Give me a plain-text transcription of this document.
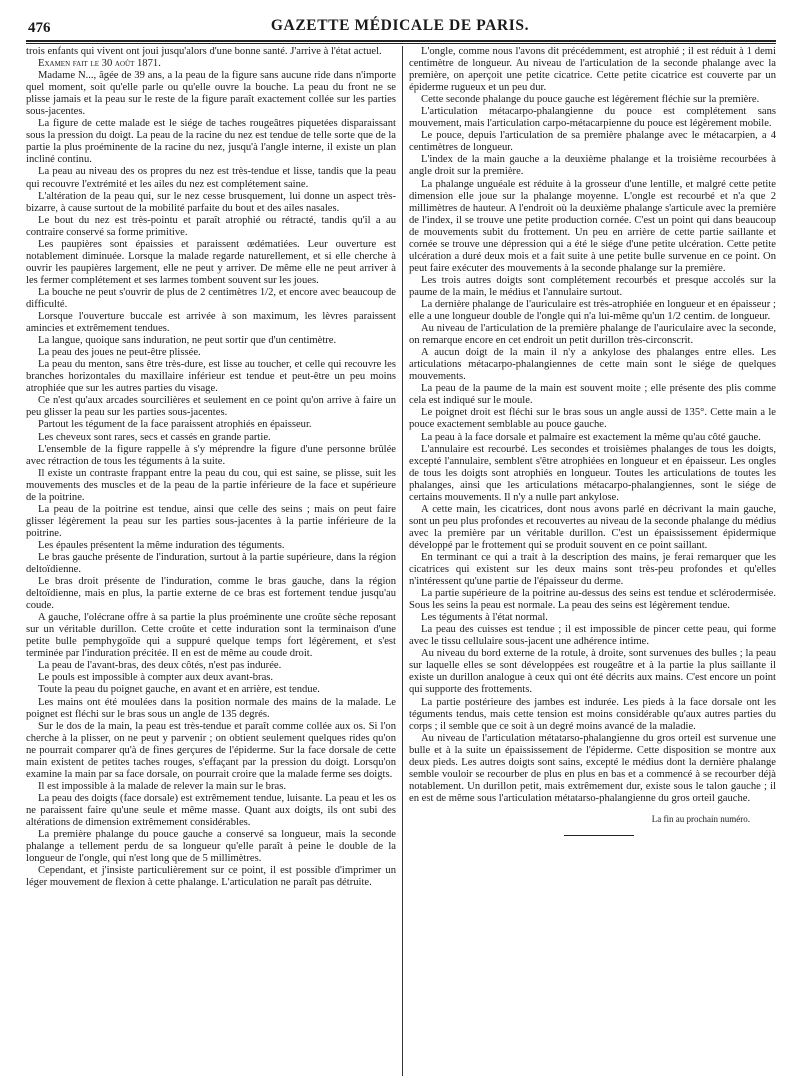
476	GAZETTE MÉDICALE DE PARIS.

trois enfants qui vivent ont joui jusqu'alors d'une bonne santé. J'arrive à l'état actuel.

Examen fait le 30 août 1871.

Madame N..., âgée de 39 ans, a la peau de la figure sans aucune ride dans n'importe quel moment, soit qu'elle parle ou qu'elle ouvre la bouche. La peau du front ne se plisse jamais et la peau sur le reste de la figure paraît exactement collée sur les parties sous-jacentes.

La figure de cette malade est le siége de taches rougeâtres piquetées disparaissant sous la pression du doigt. La peau de la racine du nez est tendue de telle sorte que de la partie la plus proéminente de la racine du nez, jusqu'à l'angle interne, il existe un plan incliné continu.

La peau au niveau des os propres du nez est très-tendue et lisse, tandis que la peau qui recouvre l'extrémité et les ailes du nez est complétement saine.

L'altération de la peau qui, sur le nez cesse brusquement, lui donne un aspect très-bizarre, à cause surtout de la mobilité parfaite du bout et des ailes nasales.

Le bout du nez est très-pointu et paraît atrophié ou rétracté, tandis qu'il a au contraire conservé sa forme primitive.

Les paupières sont épaissies et paraissent œdématiées. Leur ouverture est notablement diminuée. Lorsque la malade regarde naturellement, et si elle cherche à ouvrir les paupières largement, elle ne peut y arriver. De même elle ne peut arriver à les fermer complétement et ses larmes tombent souvent sur les joues.

La bouche ne peut s'ouvrir de plus de 2 centimètres 1/2, et encore avec beaucoup de difficulté.

Lorsque l'ouverture buccale est arrivée à son maximum, les lèvres paraissent amincies et extrêmement tendues.

La langue, quoique sans induration, ne peut sortir que d'un centimètre.

La peau des joues ne peut-être plissée.

La peau du menton, sans être très-dure, est lisse au toucher, et celle qui recouvre les branches horizontales du maxillaire inférieur est tendue et peut-être un peu moins atrophiée que sur les autres parties du visage.

Ce n'est qu'aux arcades sourcilières et seulement en ce point qu'on arrive à faire un peu glisser la peau sur les parties sous-jacentes.

Partout les tégument de la face paraissent atrophiés en épaisseur.

Les cheveux sont rares, secs et cassés en grande partie.

L'ensemble de la figure rappelle à s'y méprendre la figure d'une personne brûlée avec rétraction de tous les téguments à la suite.

Il existe un contraste frappant entre la peau du cou, qui est saine, se plisse, suit les mouvements des muscles et de la peau de la partie inférieure de la face et supérieure de la poitrine.

La peau de la poitrine est tendue, ainsi que celle des seins ; mais on peut faire glisser légèrement la peau sur les parties sous-jacentes à la partie inférieure de la poitrine.

Les épaules présentent la même induration des téguments.

Le bras gauche présente de l'induration, surtout à la partie supérieure, dans la région deltoïdienne.

Le bras droit présente de l'induration, comme le bras gauche, dans la région deltoïdienne, mais en plus, la partie externe de ce bras est fortement tendue jusqu'au coude.

A gauche, l'olécrane offre à sa partie la plus proéminente une croûte sèche reposant sur un véritable durillon. Cette croûte et cette induration sont la terminaison d'une petite bulle pemphygoïde qui a suppuré quelque temps fort légèrement, et s'est terminée par l'induration précitée. Il en est de même au coude droit.

La peau de l'avant-bras, des deux côtés, n'est pas indurée.

Le pouls est impossible à compter aux deux avant-bras.

Toute la peau du poignet gauche, en avant et en arrière, est tendue.

Les mains ont été moulées dans la position normale des mains de la malade. Le poignet est fléchi sur le bras sous un angle de 135 degrés.

Sur le dos de la main, la peau est très-tendue et paraît comme collée aux os. Si l'on cherche à la plisser, on ne peut y parvenir ; on obtient seulement quelques rides qu'on ne pourrait comparer qu'à de fines gerçures de l'épiderme. Sur la face dorsale de cette main existent de petites taches rouges, s'effaçant par la pression du doigt. Lorsqu'on examine la main par sa face dorsale, on pourrait croire que la malade ferme ses doigts.

Il est impossible à la malade de relever la main sur le bras.

La peau des doigts (face dorsale) est extrêmement tendue, luisante. La peau et les os ne paraissent faire qu'une seule et même masse. Quant aux doigts, ils ont subi des altérations de dimension extrêmement considérables.

La première phalange du pouce gauche a conservé sa longueur, mais la seconde phalange a tellement perdu de sa longueur qu'elle paraît à peine le double de la longueur de l'ongle, qui n'est long que de 5 millimètres.

Cependant, et j'insiste particulièrement sur ce point, il est possible d'imprimer un léger mouvement de flexion à cette phalange. L'articulation ne paraît pas détruite.

L'ongle, comme nous l'avons dit précédemment, est atrophié ; il est réduit à 1 demi centimètre de longueur. Au niveau de l'articulation de la seconde phalange avec la première, on aperçoit une petite cicatrice. Cette petite cicatrice est couverte par un épiderme rugueux et un peu dur.

Cette seconde phalange du pouce gauche est légèrement fléchie sur la première.

L'articulation métacarpo-phalangienne du pouce est complétement sans mouvement, mais l'articulation carpo-métacarpienne du pouce est légèrement mobile.

Le pouce, depuis l'articulation de sa première phalange avec le métacarpien, a 4 centimètres de longueur.

L'index de la main gauche a la deuxième phalange et la troisième recourbées à angle droit sur la première.

La phalange unguéale est réduite à la grosseur d'une lentille, et malgré cette petite dimension elle joue sur la phalange moyenne. L'ongle est recourbé et n'a que 2 millimètres de hauteur. A l'endroit où la deuxième phalange s'articule avec la première de l'index, il se trouve une petite production cornée. C'est un point qui dans beaucoup de mouvements subit du frottement. Un peu en arrière de cette partie saillante et cornée se trouve une dépression qui a été le siége d'une petite ulcération. Cette petite ulcération a duré deux mois et a fait suite à une petite bulle survenue en ce point. On peut faire exécuter des mouvements à la seconde phalange sur la première.

Les trois autres doigts sont complétement recourbés et presque accolés sur la paume de la main, le médius et l'annulaire surtout.

La dernière phalange de l'auriculaire est très-atrophiée en longueur et en épaisseur ; elle a une longueur double de l'ongle qui n'a lui-même qu'un 1/2 centim. de longueur.

Au niveau de l'articulation de la première phalange de l'auriculaire avec la seconde, on remarque encore en cet endroit un petit durillon très-circonscrit.

A aucun doigt de la main il n'y a ankylose des phalanges entre elles. Les articulations métacarpo-phalangiennes de cette main sont le siége de quelques mouvements.

La peau de la paume de la main est souvent moite ; elle présente des plis comme cela est indiqué sur le moule.

Le poignet droit est fléchi sur le bras sous un angle aussi de 135°. Cette main a le pouce exactement semblable au pouce gauche.

La peau à la face dorsale et palmaire est exactement la même qu'au côté gauche.

L'annulaire est recourbé. Les secondes et troisièmes phalanges de tous les doigts, excepté l'annulaire, semblent s'être atrophiées en longueur et en épaisseur. Les ongles de tous les doigts sont atrophiés en longueur. Toutes les articulations de toutes les phalanges, ainsi que les articulations métacarpo-phalangiennes, sont le siége de certains mouvements. Il n'y a nulle part ankylose.

A cette main, les cicatrices, dont nous avons parlé en décrivant la main gauche, sont un peu plus profondes et recouvertes au niveau de la seconde phalange du médius avec la première par un véritable durillon. C'est un épaississement épidermique développé par le frottement qui se produit souvent en ce point saillant.

En terminant ce qui a trait à la description des mains, je ferai remarquer que les cicatrices qui existent sur les deux mains sont très-peu profondes et qu'elles n'intéressent qu'une partie de l'épaisseur du derme.

La partie supérieure de la poitrine au-dessus des seins est tendue et sclérodermisée. Sous les seins la peau est normale. La peau des seins est légèrement tendue.

Les téguments à l'état normal.

La peau des cuisses est tendue ; il est impossible de pincer cette peau, qui forme avec le tissu cellulaire sous-jacent une adhérence intime.

Au niveau du bord externe de la rotule, à droite, sont survenues des bulles ; la peau sur laquelle elles se sont développées est rougeâtre et à la partie la plus saillante il existe un durillon analogue à ceux qui ont été décrits aux mains. C'est encore un point qui supporte des frottements.

La partie postérieure des jambes est indurée. Les pieds à la face dorsale ont les téguments tendus, mais cette tension est moins considérable qu'aux autres parties du corps ; il semble que ce soit à un degré moins avancé de la maladie.

Au niveau de l'articulation métatarso-phalangienne du gros orteil est survenue une bulle et à la suite un épaississement de l'épiderme. Cette disposition se montre aux deux pieds. Les autres doigts sont sains, excepté le médius dont la dernière phalange semble vouloir se recourber de plus en plus en bas et a commencé à se recourber déjà notablement. Un durillon petit, mais extrêmement dur, existe sous le talon gauche ; il en est de même sous l'articulation métatarso-phalangienne du gros orteil gauche.

La fin au prochain numéro.
